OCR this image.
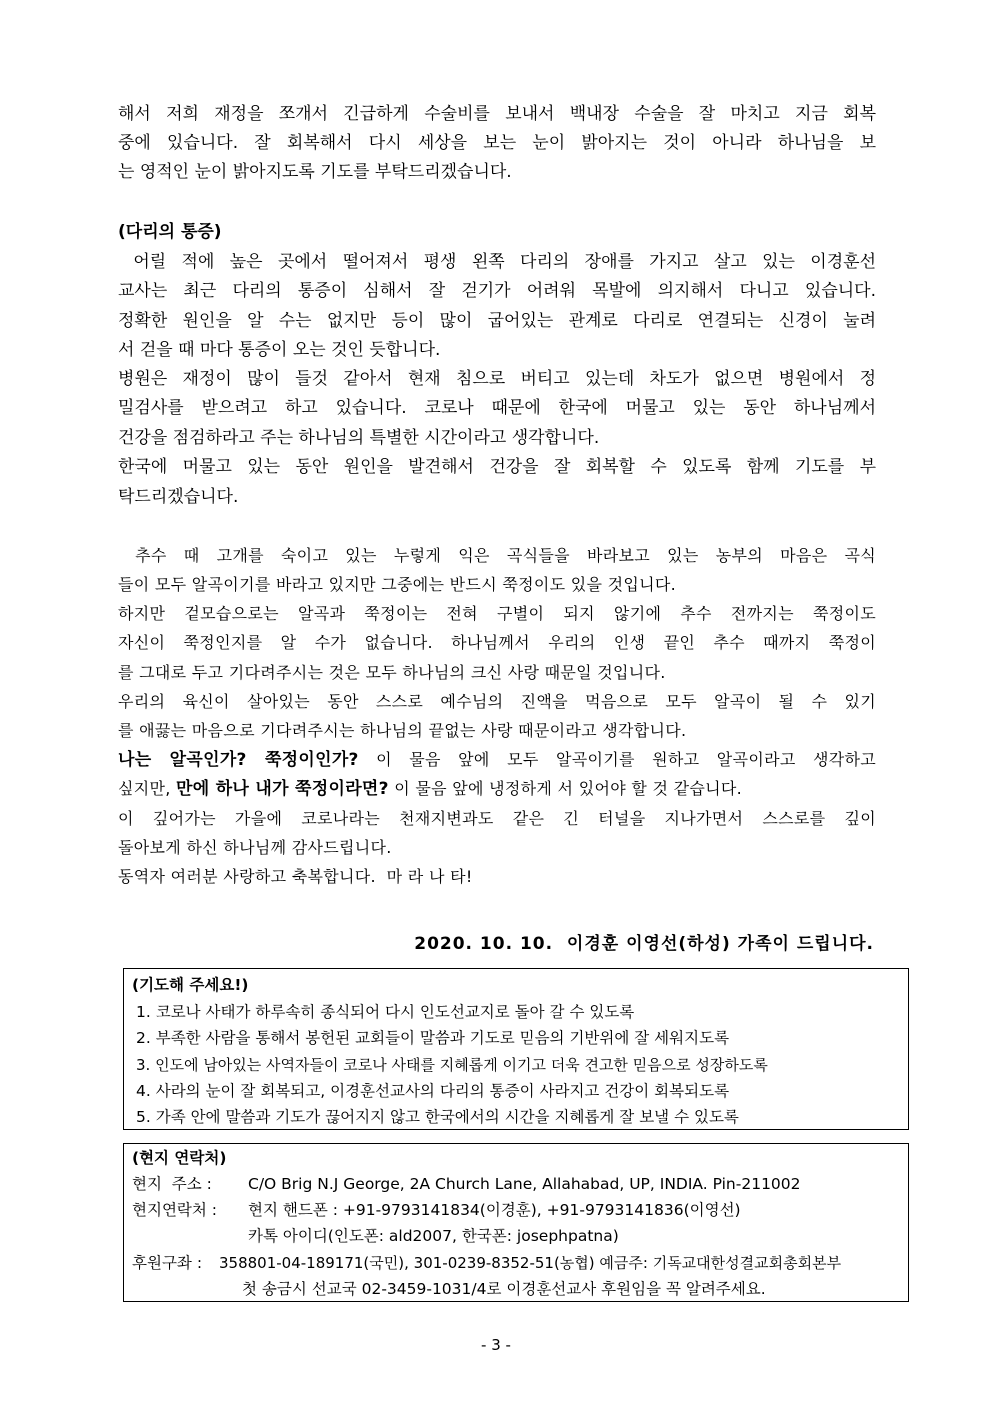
해서 저희 재정을 쪼개서 긴급하게 수술비를 보내서 백내장 수술을 잘 마치고 지금 회복
중에 있습니다. 잘 회복해서 다시 세상을 보는 눈이 밝아지는 것이 아니라 하나님을 보
는 영적인 눈이 밝아지도록 기도를 부탁드리겠습니다.
(다리의 통증)
어릴 적에 높은 곳에서 떨어져서 평생 왼쪽 다리의 장애를 가지고 살고 있는 이경훈선
교사는 최근 다리의 통증이 심해서 잘 걷기가 어려워 목발에 의지해서 다니고 있습니다.
정확한 원인을 알 수는 없지만 등이 많이 굽어있는 관계로 다리로 연결되는 신경이 눌려
서 걷을 때 마다 통증이 오는 것인 듯합니다.
병원은 재정이 많이 들것 같아서 현재 침으로 버티고 있는데 차도가 없으면 병원에서 정
밀검사를 받으려고 하고 있습니다. 코로나 때문에 한국에 머물고 있는 동안 하나님께서
건강을 점검하라고 주는 하나님의 특별한 시간이라고 생각합니다.
한국에 머물고 있는 동안 원인을 발견해서 건강을 잘 회복할 수 있도록 함께 기도를 부
탁드리겠습니다.
추수 때 고개를 숙이고 있는 누렇게 익은 곡식들을 바라보고 있는 농부의 마음은 곡식
들이 모두 알곡이기를 바라고 있지만 그중에는 반드시 쭉정이도 있을 것입니다.
하지만 겉모습으로는 알곡과 쭉정이는 전혀 구별이 되지 않기에 추수 전까지는 쭉정이도
자신이 쭉정인지를 알 수가 없습니다. 하나님께서 우리의 인생 끝인 추수 때까지 쭉정이
를 그대로 두고 기다려주시는 것은 모두 하나님의 크신 사랑 때문일 것입니다.
우리의 육신이 살아있는 동안 스스로 예수님의 진액을 먹음으로 모두 알곡이 될 수 있기
를 애끓는 마음으로 기다려주시는 하나님의 끝없는 사랑 때문이라고 생각합니다.
나는 알곡인가? 쭉정이인가? 이 물음 앞에 모두 알곡이기를 원하고 알곡이라고 생각하고
싶지만, 만에 하나 내가 쭉정이라면? 이 물음 앞에 냉정하게 서 있어야 할 것 같습니다.
이 깊어가는 가을에 코로나라는 천재지변과도 같은 긴 터널을 지나가면서 스스로를 깊이
돌아보게 하신 하나님께 감사드립니다.
동역자 여러분 사랑하고 축복합니다.  마 라 나 타!
2020. 10. 10.  이경훈 이영선(하성) 가족이 드립니다.
(기도해 주세요!)
1. 코로나 사태가 하루속히 종식되어 다시 인도선교지로 돌아 갈 수 있도록
2. 부족한 사람을 통해서 봉헌된 교회들이 말씀과 기도로 믿음의 기반위에 잘 세워지도록
3. 인도에 남아있는 사역자들이 코로나 사태를 지혜롭게 이기고 더욱 견고한 믿음으로 성장하도록
4. 사라의 눈이 잘 회복되고, 이경훈선교사의 다리의 통증이 사라지고 건강이 회복되도록
5. 가족 안에 말씀과 기도가 끊어지지 않고 한국에서의 시간을 지혜롭게 잘 보낼 수 있도록
(현지 연락처)
현지  주소 : C/O Brig N.J George, 2A Church Lane, Allahabad, UP, INDIA. Pin-211002
현지연락처 : 현지 핸드폰 : +91-9793141834(이경훈), +91-9793141836(이영선)
카톡 아이디(인도폰: ald2007, 한국폰: josephpatna)
후원구좌 : 358801-04-189171(국민), 301-0239-8352-51(농협) 예금주: 기독교대한성결교회총회본부
첫 송금시 선교국 02-3459-1031/4로 이경훈선교사 후원임을 꼭 알려주세요.
- 3 -
